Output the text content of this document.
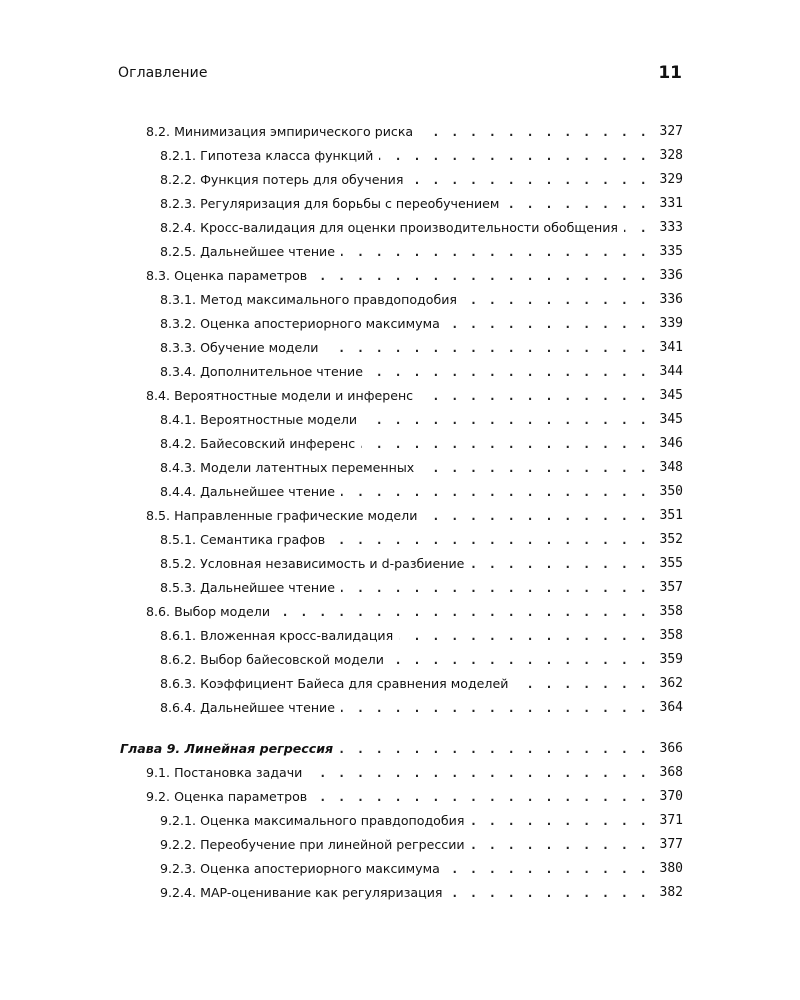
Оглавление	11
8.2. Минимизация эмпирического риска . . .	327
8.2.1. Гипотеза класса функций . . .	328
8.2.2. Функция потерь для обучения . . .	329
8.2.3. Регуляризация для борьбы с переобучением . . .	331
8.2.4. Кросс-валидация для оценки производительности обобщения . . .	333
8.2.5. Дальнейшее чтение . . .	335
8.3. Оценка параметров . . .	336
8.3.1. Метод максимального правдоподобия . . .	336
8.3.2. Оценка апостериорного максимума . . .	339
8.3.3. Обучение модели . . .	341
8.3.4. Дополнительное чтение . . .	344
8.4. Вероятностные модели и инференс . . .	345
8.4.1. Вероятностные модели . . .	345
8.4.2. Байесовский инференс . . .	346
8.4.3. Модели латентных переменных . . .	348
8.4.4. Дальнейшее чтение . . .	350
8.5. Направленные графические модели . . .	351
8.5.1. Семантика графов . . .	352
8.5.2. Условная независимость и d-разбиение . . .	355
8.5.3. Дальнейшее чтение . . .	357
8.6. Выбор модели . . .	358
8.6.1. Вложенная кросс-валидация . . .	358
8.6.2. Выбор байесовской модели . . .	359
8.6.3. Коэффициент Байеса для сравнения моделей . . .	362
8.6.4. Дальнейшее чтение . . .	364
Глава 9. Линейная регрессия . . .	366
9.1. Постановка задачи . . .	368
9.2. Оценка параметров . . .	370
9.2.1. Оценка максимального правдоподобия . . .	371
9.2.2. Переобучение при линейной регрессии . . .	377
9.2.3. Оценка апостериорного максимума . . .	380
9.2.4. MAP-оценивание как регуляризация . . .	382
